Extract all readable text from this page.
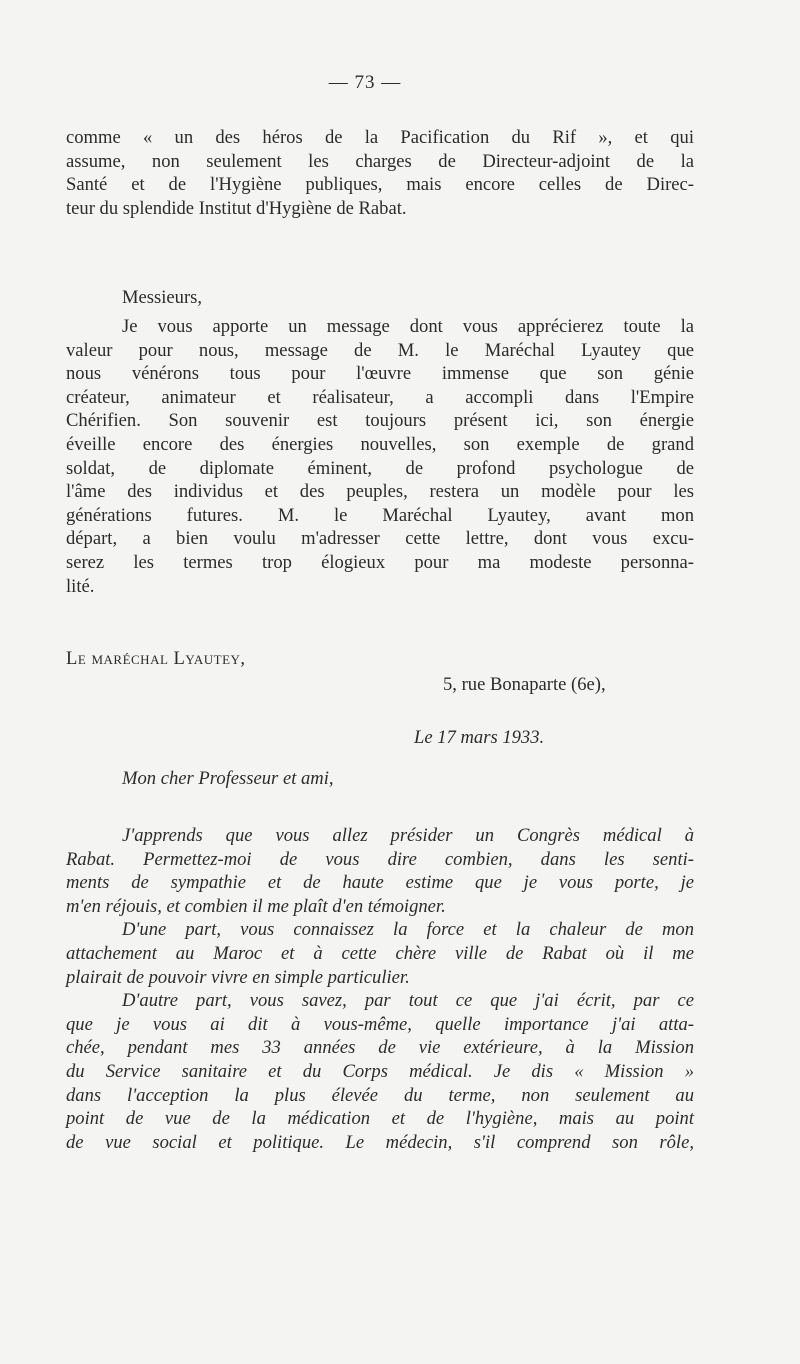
— 73 —

comme « un des héros de la Pacification du Rif », et qui
assume, non seulement les charges de Directeur-adjoint de la
Santé et de l'Hygiène publiques, mais encore celles de Direc-
teur du splendide Institut d'Hygiène de Rabat.

Messieurs,

Je vous apporte un message dont vous apprécierez toute la
valeur pour nous, message de M. le Maréchal Lyautey que
nous vénérons tous pour l'œuvre immense que son génie
créateur, animateur et réalisateur, a accompli dans l'Empire
Chérifien. Son souvenir est toujours présent ici, son énergie
éveille encore des énergies nouvelles, son exemple de grand
soldat, de diplomate éminent, de profond psychologue de
l'âme des individus et des peuples, restera un modèle pour les
générations futures. M. le Maréchal Lyautey, avant mon
départ, a bien voulu m'adresser cette lettre, dont vous excu-
serez les termes trop élogieux pour ma modeste personna-
lité.

Le maréchal Lyautey,
5, rue Bonaparte (6e),
Le 17 mars 1933.
Mon cher Professeur et ami,

J'apprends que vous allez présider un Congrès médical à
Rabat. Permettez-moi de vous dire combien, dans les senti-
ments de sympathie et de haute estime que je vous porte, je
m'en réjouis, et combien il me plaît d'en témoigner.

D'une part, vous connaissez la force et la chaleur de mon
attachement au Maroc et à cette chère ville de Rabat où il me
plairait de pouvoir vivre en simple particulier.

D'autre part, vous savez, par tout ce que j'ai écrit, par ce
que je vous ai dit à vous-même, quelle importance j'ai atta-
chée, pendant mes 33 années de vie extérieure, à la Mission
du Service sanitaire et du Corps médical. Je dis « Mission »
dans l'acception la plus élevée du terme, non seulement au
point de vue de la médication et de l'hygiène, mais au point
de vue social et politique. Le médecin, s'il comprend son rôle,
